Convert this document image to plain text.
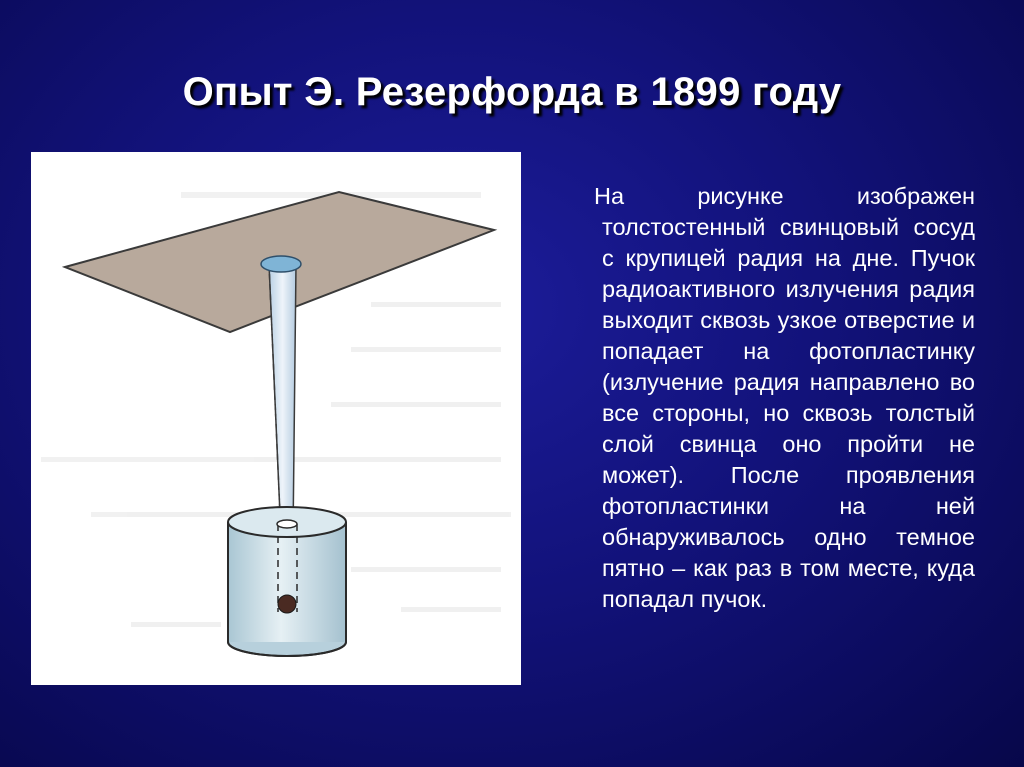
Опыт Э. Резерфорда в 1899 году
На рисунке изображен толстостенный свинцовый сосуд с крупицей радия на дне. Пучок радиоактивного излучения радия выходит сквозь узкое отверстие и попадает на фотопластинку (излучение радия направлено во все стороны, но сквозь толстый слой свинца оно пройти не может). После проявления фотопластинки на ней обнаруживалось одно темное пятно – как раз в том месте, куда попадал пучок.
